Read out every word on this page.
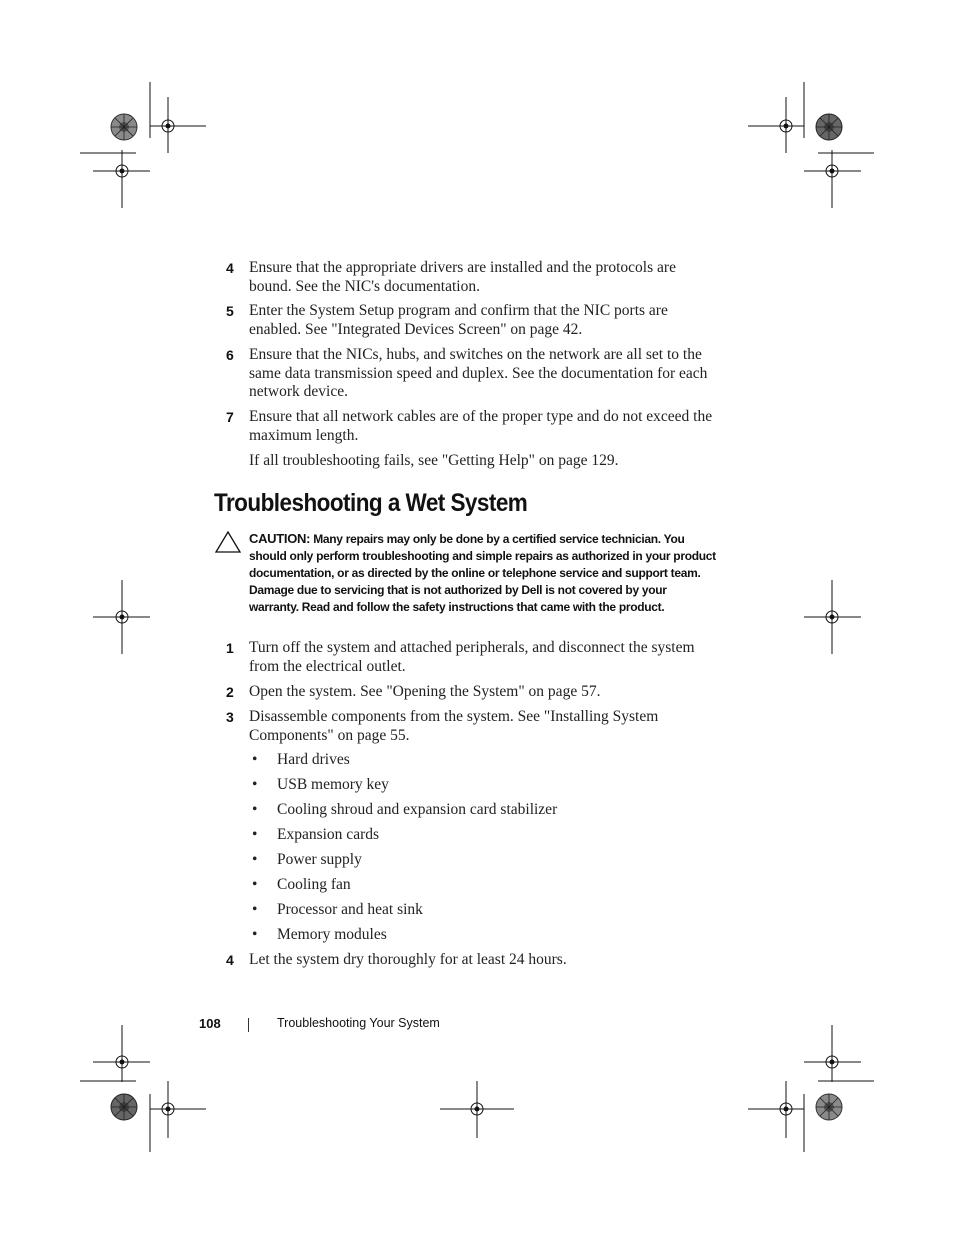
4 Ensure that the appropriate drivers are installed and the protocols are bound. See the NIC's documentation.
5 Enter the System Setup program and confirm that the NIC ports are enabled. See "Integrated Devices Screen" on page 42.
6 Ensure that the NICs, hubs, and switches on the network are all set to the same data transmission speed and duplex. See the documentation for each network device.
7 Ensure that all network cables are of the proper type and do not exceed the maximum length.
If all troubleshooting fails, see "Getting Help" on page 129.
Troubleshooting a Wet System
CAUTION: Many repairs may only be done by a certified service technician. You should only perform troubleshooting and simple repairs as authorized in your product documentation, or as directed by the online or telephone service and support team. Damage due to servicing that is not authorized by Dell is not covered by your warranty. Read and follow the safety instructions that came with the product.
1 Turn off the system and attached peripherals, and disconnect the system from the electrical outlet.
2 Open the system. See "Opening the System" on page 57.
3 Disassemble components from the system. See "Installing System Components" on page 55.
• Hard drives
• USB memory key
• Cooling shroud and expansion card stabilizer
• Expansion cards
• Power supply
• Cooling fan
• Processor and heat sink
• Memory modules
4 Let the system dry thoroughly for at least 24 hours.
108	Troubleshooting Your System
